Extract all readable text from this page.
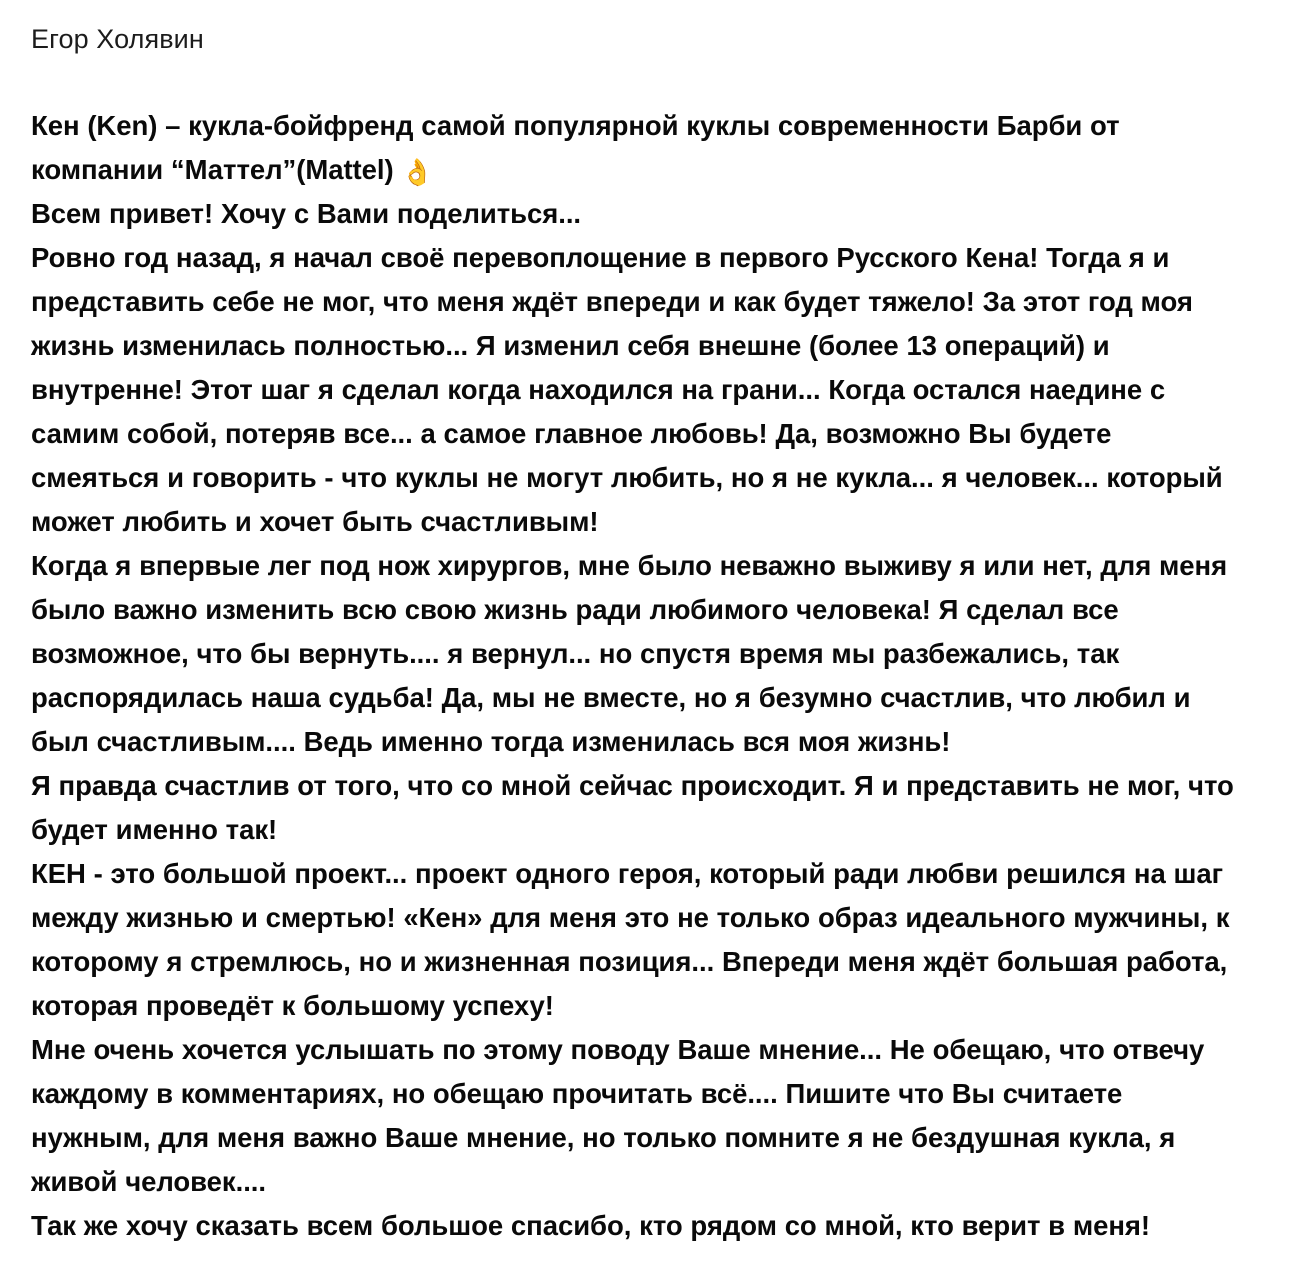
Егор Холявин

Кен (Ken) – кукла-бойфренд самой популярной куклы современности Барби от компании “Маттел”(Mattel) 👌

Всем привет! Хочу с Вами поделиться...

Ровно год назад, я начал своё перевоплощение в первого Русского Кена! Тогда я и представить себе не мог, что меня ждёт впереди и как будет тяжело! За этот год моя жизнь изменилась полностью... Я изменил себя внешне (более 13 операций) и внутренне! Этот шаг я сделал когда находился на грани... Когда остался наедине с самим собой, потеряв все... а самое главное любовь! Да, возможно Вы будете смеяться и говорить - что куклы не могут любить, но я не кукла... я человек... который может любить и хочет быть счастливым!

Когда я впервые лег под нож хирургов, мне было неважно выживу я или нет, для меня было важно изменить всю свою жизнь ради любимого человека! Я сделал все возможное, что бы вернуть.... я вернул... но спустя время мы разбежались, так распорядилась наша судьба! Да, мы не вместе, но я безумно счастлив, что любил и был счастливым.... Ведь именно тогда изменилась вся моя жизнь!

Я правда счастлив от того, что со мной сейчас происходит. Я и представить не мог, что будет именно так!

КЕН - это большой проект... проект одного героя, который ради любви решился на шаг между жизнью и смертью! «Кен» для меня это не только образ идеального мужчины, к которому я стремлюсь, но и жизненная позиция... Впереди меня ждёт большая работа, которая проведёт к большому успеху!

Мне очень хочется услышать по этому поводу Ваше мнение... Не обещаю, что отвечу каждому в комментариях, но обещаю прочитать всё.... Пишите что Вы считаете нужным, для меня важно Ваше мнение, но только помните я не бездушная кукла, я живой человек....

Так же хочу сказать всем большое спасибо, кто рядом со мной, кто верит в меня!
